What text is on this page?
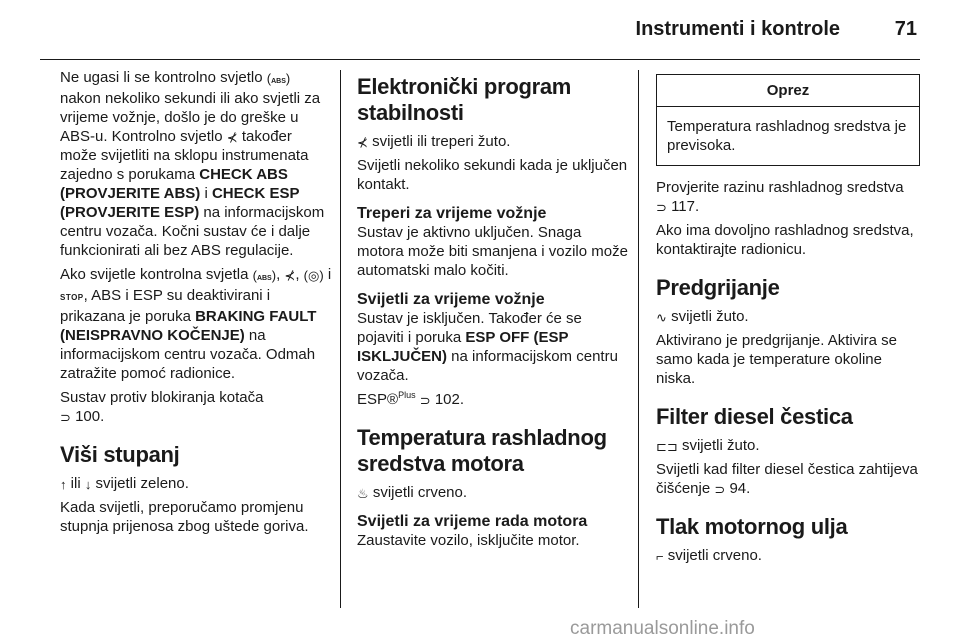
Instrumenti i kontrole	71

Ne ugasi li se kontrolno svjetlo (ABS) nakon nekoliko sekundi ili ako svjetli za vrijeme vožnje, došlo je do greške u ABS-u. Kontrolno svjetlo ⊀ također može svijetliti na sklopu instrumenata zajedno s porukama CHECK ABS (PROVJERITE ABS) i CHECK ESP (PROVJERITE ESP) na informacijskom centru vozača. Kočni sustav će i dalje funkcionirati ali bez ABS regulacije.

Ako svijetle kontrolna svjetla (ABS), ⊀, (◎) i STOP, ABS i ESP su deaktivirani i prikazana je poruka BRAKING FAULT (NEISPRAVNO KOČENJE) na informacijskom centru vozača. Odmah zatražite pomoć radionice.

Sustav protiv blokiranja kotača
⊃ 100.

Viši stupanj

↑ ili ↓ svijetli zeleno.

Kada svijetli, preporučamo promjenu stupnja prijenosa zbog uštede goriva.

Elektronički program stabilnosti

⊀ svijetli ili treperi žuto.

Svijetli nekoliko sekundi kada je uključen kontakt.

Treperi za vrijeme vožnje

Sustav je aktivno uključen. Snaga motora može biti smanjena i vozilo može automatski malo kočiti.

Svijetli za vrijeme vožnje

Sustav je isključen. Također će se pojaviti i poruka ESP OFF (ESP ISKLJUČEN) na informacijskom centru vozača.

ESP®$^{Plus}$ ⊃ 102.

Temperatura rashladnog sredstva motora

♨ svijetli crveno.

Svijetli za vrijeme rada motora

Zaustavite vozilo, isključite motor.

Oprez
Temperatura rashladnog sredstva je previsoka.

Provjerite razinu rashladnog sredstva
⊃ 117.

Ako ima dovoljno rashladnog sredstva, kontaktirajte radionicu.

Predgrijanje

∿ svijetli žuto.

Aktivirano je predgrijanje. Aktivira se samo kada je temperature okoline niska.

Filter diesel čestica

⊏⊐ svijetli žuto.

Svijetli kad filter diesel čestica zahtijeva čišćenje ⊃ 94.

Tlak motornog ulja

⌐ svijetli crveno.

carmanualsonline.info
